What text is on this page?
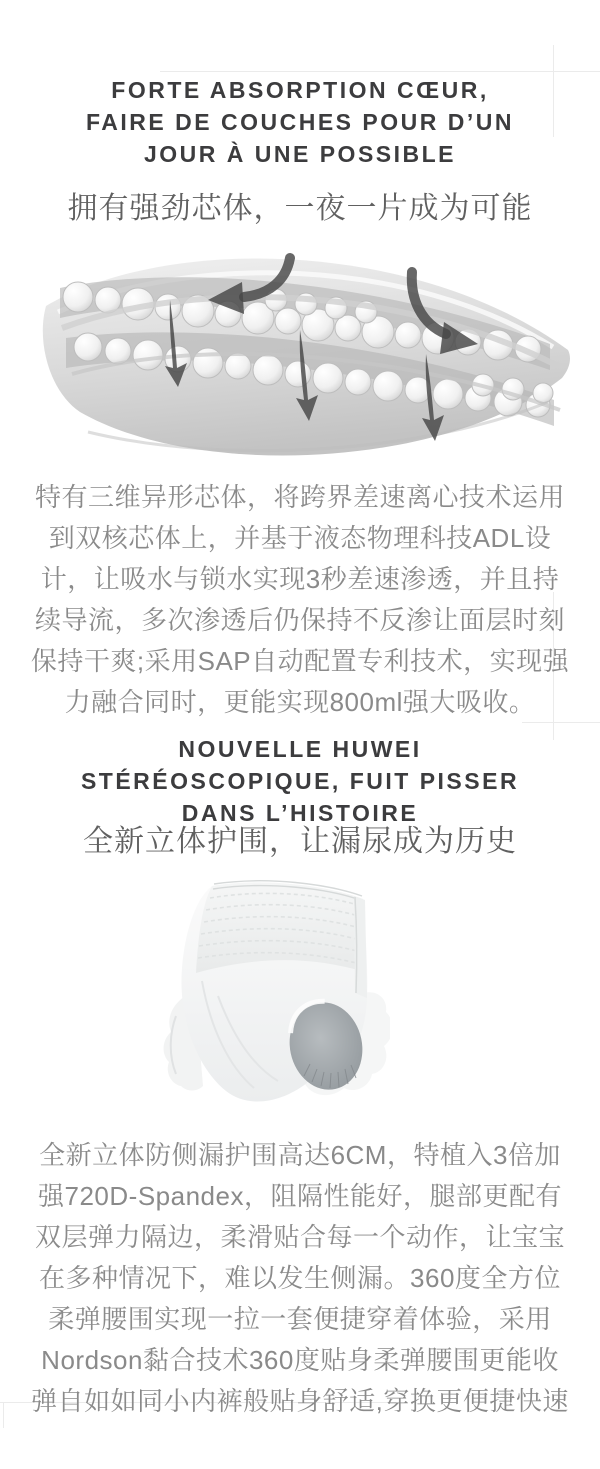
FORTE ABSORPTION CŒUR,
FAIRE DE COUCHES POUR D’UN
JOUR À UNE POSSIBLE
拥有强劲芯体，一夜一片成为可能
特有三维异形芯体，将跨界差速离心技术运用到双核芯体上，并基于液态物理科技ADL设计，让吸水与锁水实现3秒差速渗透，并且持续导流，多次渗透后仍保持不反渗让面层时刻保持干爽;采用SAP自动配置专利技术，实现强力融合同时，更能实现800ml强大吸收。
NOUVELLE HUWEI
STÉRÉOSCOPIQUE, FUIT PISSER
DANS L’HISTOIRE
全新立体护围，让漏尿成为历史
全新立体防侧漏护围高达6CM，特植入3倍加强720D-Spandex，阻隔性能好，腿部更配有双层弹力隔边，柔滑贴合每一个动作，让宝宝在多种情况下，难以发生侧漏。360度全方位柔弹腰围实现一拉一套便捷穿着体验，采用Nordson黏合技术360度贴身柔弹腰围更能收弹自如如同小内裤般贴身舒适,穿换更便捷快速
